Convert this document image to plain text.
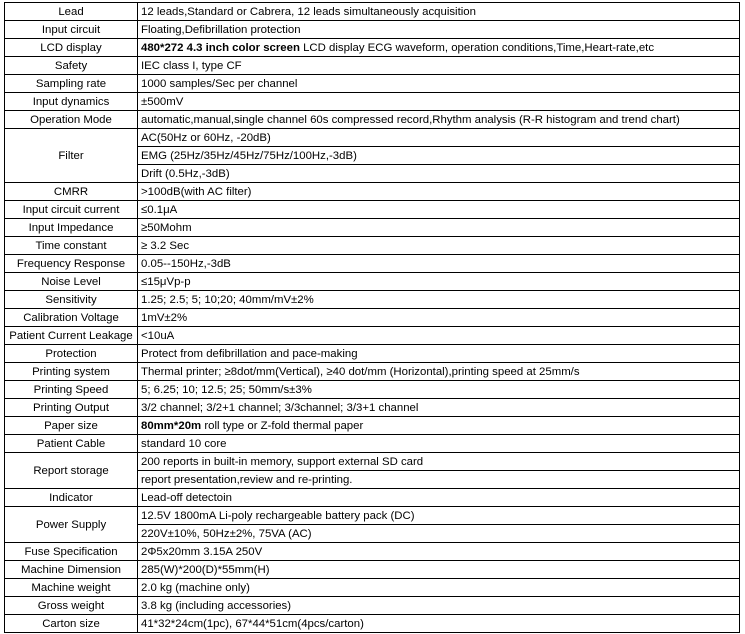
Lead	12 leads,Standard or Cabrera, 12 leads simultaneously acquisition
Input circuit	Floating,Defibrillation protection
LCD display	480*272 4.3 inch color screen LCD display ECG waveform, operation conditions,Time,Heart-rate,etc
Safety	IEC class I, type CF
Sampling rate	1000 samples/Sec per channel
Input dynamics	±500mV
Operation Mode	automatic,manual,single channel 60s compressed record,Rhythm analysis (R-R histogram and trend chart)
Filter	AC(50Hz or 60Hz, -20dB)
	EMG (25Hz/35Hz/45Hz/75Hz/100Hz,-3dB)
	Drift (0.5Hz,-3dB)
CMRR	>100dB(with AC filter)
Input circuit current	≤0.1μA
Input Impedance	≥50Mohm
Time constant	≥ 3.2 Sec
Frequency Response	0.05--150Hz,-3dB
Noise Level	≤15μVp-p
Sensitivity	1.25; 2.5; 5; 10;20; 40mm/mV±2%
Calibration Voltage	1mV±2%
Patient Current Leakage	<10uA
Protection	Protect from defibrillation and pace-making
Printing system	Thermal printer; ≥8dot/mm(Vertical), ≥40 dot/mm (Horizontal),printing speed at 25mm/s
Printing Speed	5; 6.25; 10; 12.5; 25; 50mm/s±3%
Printing Output	3/2 channel; 3/2+1 channel; 3/3channel; 3/3+1 channel
Paper size	80mm*20m roll type or Z-fold thermal paper
Patient Cable	standard 10 core
Report storage	200 reports in built-in memory, support external SD card
	report presentation,review and re-printing.
Indicator	Lead-off detectoin
Power Supply	12.5V 1800mA Li-poly rechargeable battery pack (DC)
	220V±10%, 50Hz±2%, 75VA (AC)
Fuse Specification	2Φ5x20mm 3.15A 250V
Machine Dimension	285(W)*200(D)*55mm(H)
Machine weight	2.0 kg (machine only)
Gross weight	3.8 kg (including accessories)
Carton size	41*32*24cm(1pc), 67*44*51cm(4pcs/carton)
